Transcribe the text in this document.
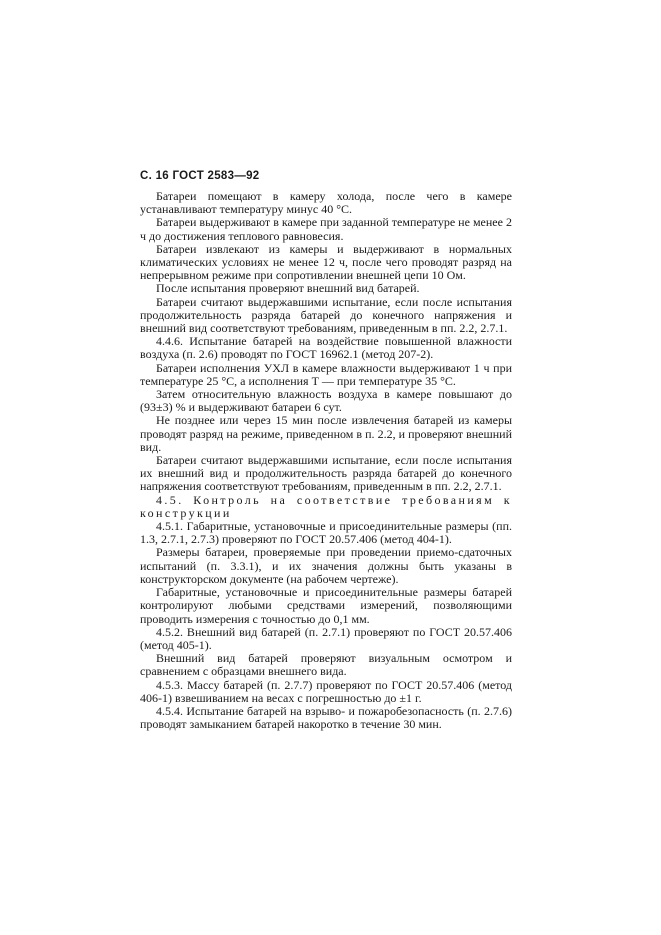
С. 16 ГОСТ 2583—92

Батареи помещают в камеру холода, после чего в камере устанавливают температуру минус 40 °С.

Батареи выдерживают в камере при заданной температуре не менее 2 ч до достижения теплового равновесия.

Батареи извлекают из камеры и выдерживают в нормальных климатических условиях не менее 12 ч, после чего проводят разряд на непрерывном режиме при сопротивлении внешней цепи 10 Ом.

После испытания проверяют внешний вид батарей.

Батареи считают выдержавшими испытание, если после испытания продолжительность разряда батарей до конечного напряжения и внешний вид соответствуют требованиям, приведенным в пп. 2.2, 2.7.1.

4.4.6. Испытание батарей на воздействие повышенной влажности воздуха (п. 2.6) проводят по ГОСТ 16962.1 (метод 207-2).

Батареи исполнения УХЛ в камере влажности выдерживают 1 ч при температуре 25 °С, а исполнения Т — при температуре 35 °С.

Затем относительную влажность воздуха в камере повышают до (93±3) % и выдерживают батареи 6 сут.

Не позднее или через 15 мин после извлечения батарей из камеры проводят разряд на режиме, приведенном в п. 2.2, и проверяют внешний вид.

Батареи считают выдержавшими испытание, если после испытания их внешний вид и продолжительность разряда батарей до конечного напряжения соответствуют требованиям, приведенным в пп. 2.2, 2.7.1.

4.5. Контроль на соответствие требованиям к конструкции

4.5.1. Габаритные, установочные и присоединительные размеры (пп. 1.3, 2.7.1, 2.7.3) проверяют по ГОСТ 20.57.406 (метод 404-1).

Размеры батареи, проверяемые при проведении приемо-сдаточных испытаний (п. 3.3.1), и их значения должны быть указаны в конструкторском документе (на рабочем чертеже).

Габаритные, установочные и присоединительные размеры батарей контролируют любыми средствами измерений, позволяющими проводить измерения с точностью до 0,1 мм.

4.5.2. Внешний вид батарей (п. 2.7.1) проверяют по ГОСТ 20.57.406 (метод 405-1).

Внешний вид батарей проверяют визуальным осмотром и сравнением с образцами внешнего вида.

4.5.3. Массу батарей (п. 2.7.7) проверяют по ГОСТ 20.57.406 (метод 406-1) взвешиванием на весах с погрешностью до ±1 г.

4.5.4. Испытание батарей на взрыво- и пожаробезопасность (п. 2.7.6) проводят замыканием батарей накоротко в течение 30 мин.
